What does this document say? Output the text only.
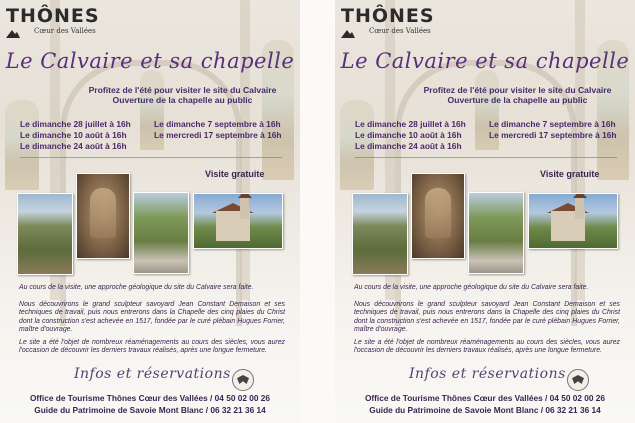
THÔNES
Cœur des Vallées
Le Calvaire et sa chapelle
Profitez de l'été pour visiter le site du Calvaire
Ouverture de la chapelle au public
Le dimanche 28 juillet à 16h
Le dimanche 10 août à 16h
Le dimanche 24 août à 16h
Le dimanche 7 septembre à 16h
Le mercredi 17 septembre à 16h
Visite gratuite
Au cours de la visite, une approche géologique du site du Calvaire sera faite.
Nous découvrirons le grand sculpteur savoyard Jean Constant Demaison et ses techniques de travail, puis nous entrerons dans la Chapelle des cinq plaies du Christ dont la construction s'est achevée en 1517, fondée par le curé plébain Hugues Forrier, maître d'ouvrage.
Le site a été l'objet de nombreux réaménagements au cours des siècles, vous aurez l'occasion de découvrir les derniers travaux réalisés, après une longue fermeture.
Infos et réservations
Office de Tourisme Thônes Cœur des Vallées / 04 50 02 00 26
Guide du Patrimoine de Savoie Mont Blanc / 06 32 21 36 14
THÔNES
Cœur des Vallées
Le Calvaire et sa chapelle
Profitez de l'été pour visiter le site du Calvaire
Ouverture de la chapelle au public
Le dimanche 28 juillet à 16h
Le dimanche 10 août à 16h
Le dimanche 24 août à 16h
Le dimanche 7 septembre à 16h
Le mercredi 17 septembre à 16h
Visite gratuite
Au cours de la visite, une approche géologique du site du Calvaire sera faite.
Nous découvrirons le grand sculpteur savoyard Jean Constant Demaison et ses techniques de travail, puis nous entrerons dans la Chapelle des cinq plaies du Christ dont la construction s'est achevée en 1517, fondée par le curé plébain Hugues Forrier, maître d'ouvrage.
Le site a été l'objet de nombreux réaménagements au cours des siècles, vous aurez l'occasion de découvrir les derniers travaux réalisés, après une longue fermeture.
Infos et réservations
Office de Tourisme Thônes Cœur des Vallées / 04 50 02 00 26
Guide du Patrimoine de Savoie Mont Blanc / 06 32 21 36 14
